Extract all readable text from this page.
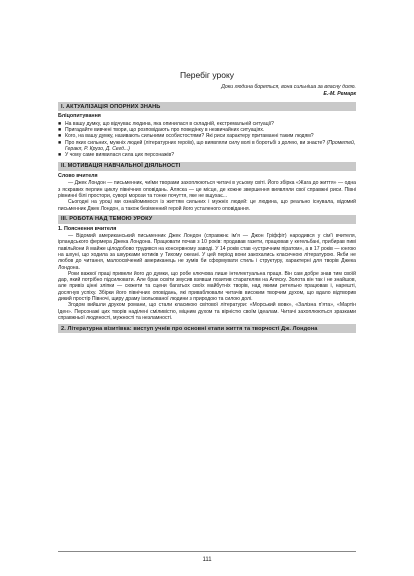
Перебіг уроку
Доки людина бореться, вона сильніша за власну долю.
Е.-М. Ремарк
І. АКТУАЛІЗАЦІЯ ОПОРНИХ ЗНАНЬ
Бліцопитування
■ На вашу думку, що відчуває людина, яка опинилася в складній, екстремальній ситуації?
■ Пригадайте вивчені твори, що розповідають про поведінку в незвичайних ситуаціях.
■ Кого, на вашу думку, називають сильними особистостями? Які риси характеру притаманні таким людям?
■ Про яких сильних, мужніх людей (літературних героїв), що виявляли силу волі в боротьбі з долею, ви знаєте? (Прометей, Геракл, Р. Крузо, Д. Сегд...)
■ У чому саме виявилася сила цих персонажів?
ІІ. МОТИВАЦІЯ НАВЧАЛЬНОЇ ДІЯЛЬНОСТІ
Слово вчителя

— Джек Лондон — письменник, чиїми творами захоплюються читачі в усьому світі. Його збірка «Жага до життя» — одна з яскравих перлин циклу північних оповідань. Аляска — це місце, де кожне звершення виявляли свої справжні риси. Півні рівнинні білі простори, суворі морози та тонке почуття, яке не вщухає...

Сьогодні на уроці ми ознайомимося із життям сильних і мужніх людей: це людина, що реально існувала, відомий письменник Джек Лондон, а також безіменний герой його усталеного оповідання.

ІІІ. РОБОТА НАД ТЕМОЮ УРОКУ
1. Пояснення вчителя

— Відомий американський письменник Джек Лондон (справжнє ім'я — Джон Гріффіт) народився у сім'ї вчителя, ірландського фермера Джека Лондона. Працювати почав з 10 років: продавав газети, працював у кегельбані, прибирав пиві павільйони й майже цілодобово трудився на консервному заводі. У 14 років став «устричним піратом», а в 17 років — юнгою на шхуні, що ходила за шкурками котиків у Тихому океані. У цей період вони закохались класичною літературою. Якби не любов до читання, малоосвічений американець не зумів би сформувати стиль і структуру, характерні для творів Джека Лондона.

Роки важкої праці привели його до думки, що робе ключова лише інтелектуальна праця. Він сам добре знав тим своїй дар, який потрібно підсилювати. Але брак освіти змусив взявши позитив старателям на Аляску. Золота він так і не знайшов, але привіз цінні зліпки — сюжети та сцени багатьох своїх майбутніх творів, над якими ретельно працював і, нарешті, досягнув успіху. Збірки його північних оповідань, які приваблювали читачів високим творчим духом, що вдало відтворив дикий простір Півночі, щиру драму ізольованої людини з природою та силою долі.

Згодом вийшли друком романи, що стали класикою світової літератури: «Морський вовк», «Залізна п'ята», «Мартін Іден». Персонажі цих творів наділені сміливістю, міцним духом та вірністю своїм ідеалам. Читачі захоплюються зразками справжньої людяності, мужності та незламності.

2. Літературна візитівка: виступ учнів про основні етапи життя та творчості Дж. Лондона
111
